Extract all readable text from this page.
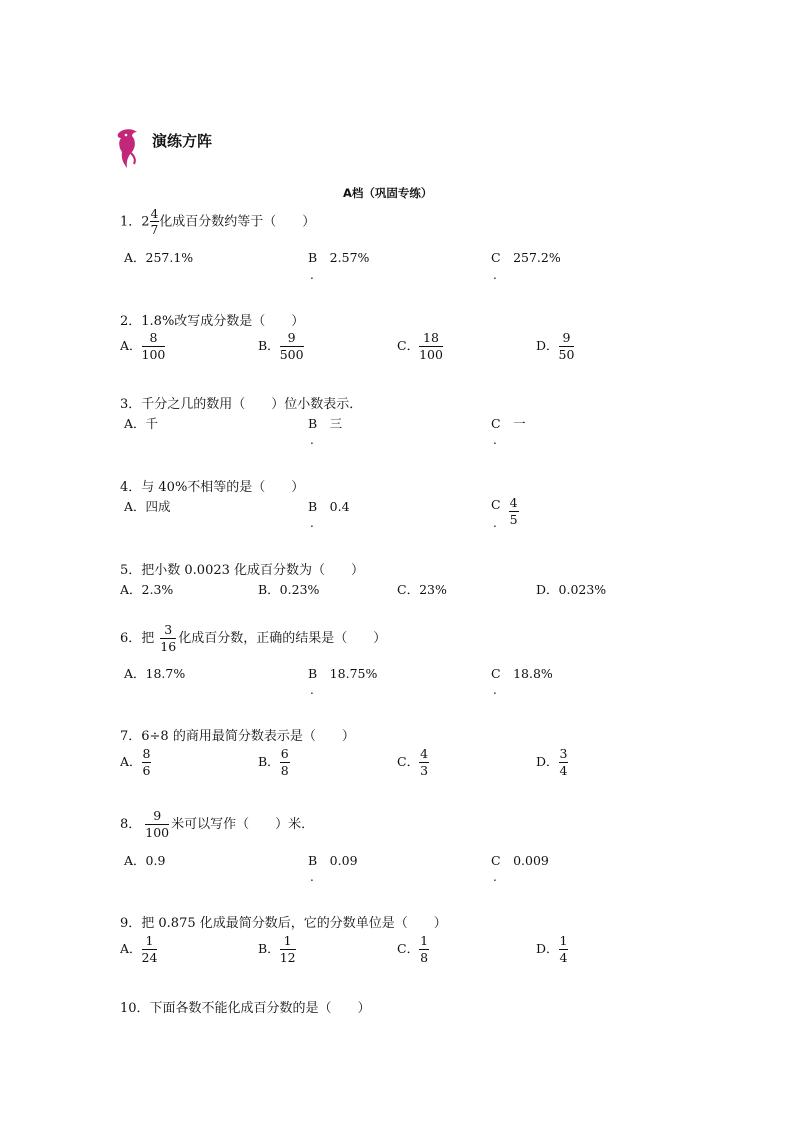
演练方阵
A档（巩固专练）
1．$2 \frac{4}{7}$ 化成百分数约等于（　　）
A．257.1%	B　2.57%	C　257.2%
.	.
2．1.8%改写成分数是（　　）
A． $\frac{8}{100}$	B． $\frac{9}{500}$	C． $\frac{18}{100}$	D． $\frac{9}{50}$
3．千分之几的数用（　　）位小数表示．
A．千	B　三	C　一
.	.
4．与 40%不相等的是（　　）
A．四成	B　0.4	C $\frac{4}{5}$
.	.
5．把小数 0.0023 化成百分数为（　　）
A．2.3%	B．0.23%	C．23%	D．0.023%
6．把 $\frac{3}{16}$ 化成百分数，正确的结果是（　　）
A．18.7%	B　18.75%	C　18.8%
.	.
7．6÷8 的商用最简分数表示是（　　）
A． $\frac{8}{6}$	B． $\frac{6}{8}$	C． $\frac{4}{3}$	D． $\frac{3}{4}$
8． $\frac{9}{100}$ 米可以写作（　　）米．
A．0.9	B　0.09	C　0.009
.	.
9．把 0.875 化成最简分数后，它的分数单位是（　　）
A． $\frac{1}{24}$	B． $\frac{1}{12}$	C． $\frac{1}{8}$	D． $\frac{1}{4}$
10．下面各数不能化成百分数的是（　　）
